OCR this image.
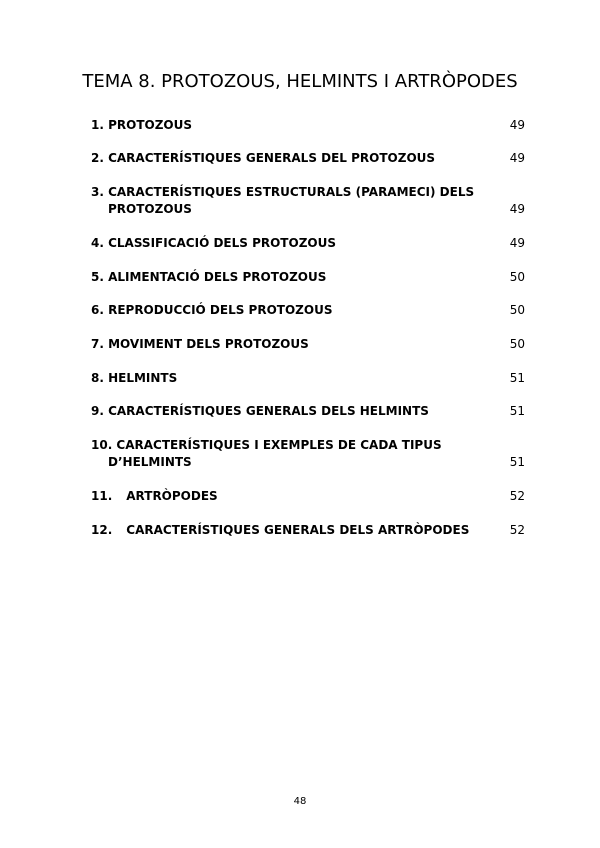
TEMA 8. PROTOZOUS, HELMINTS I ARTRÒPODES
1. PROTOZOUS	49
2. CARACTERÍSTIQUES GENERALS DEL PROTOZOUS	49
3. CARACTERÍSTIQUES ESTRUCTURALS (PARAMECI) DELS
PROTOZOUS	49
4. CLASSIFICACIÓ DELS PROTOZOUS	49
5. ALIMENTACIÓ DELS PROTOZOUS	50
6. REPRODUCCIÓ DELS PROTOZOUS	50
7. MOVIMENT DELS PROTOZOUS	50
8. HELMINTS	51
9. CARACTERÍSTIQUES GENERALS DELS HELMINTS	51
10. CARACTERÍSTIQUES I EXEMPLES DE CADA TIPUS
D’HELMINTS	51
11. ARTRÒPODES	52
12. CARACTERÍSTIQUES GENERALS DELS ARTRÒPODES	52
48
